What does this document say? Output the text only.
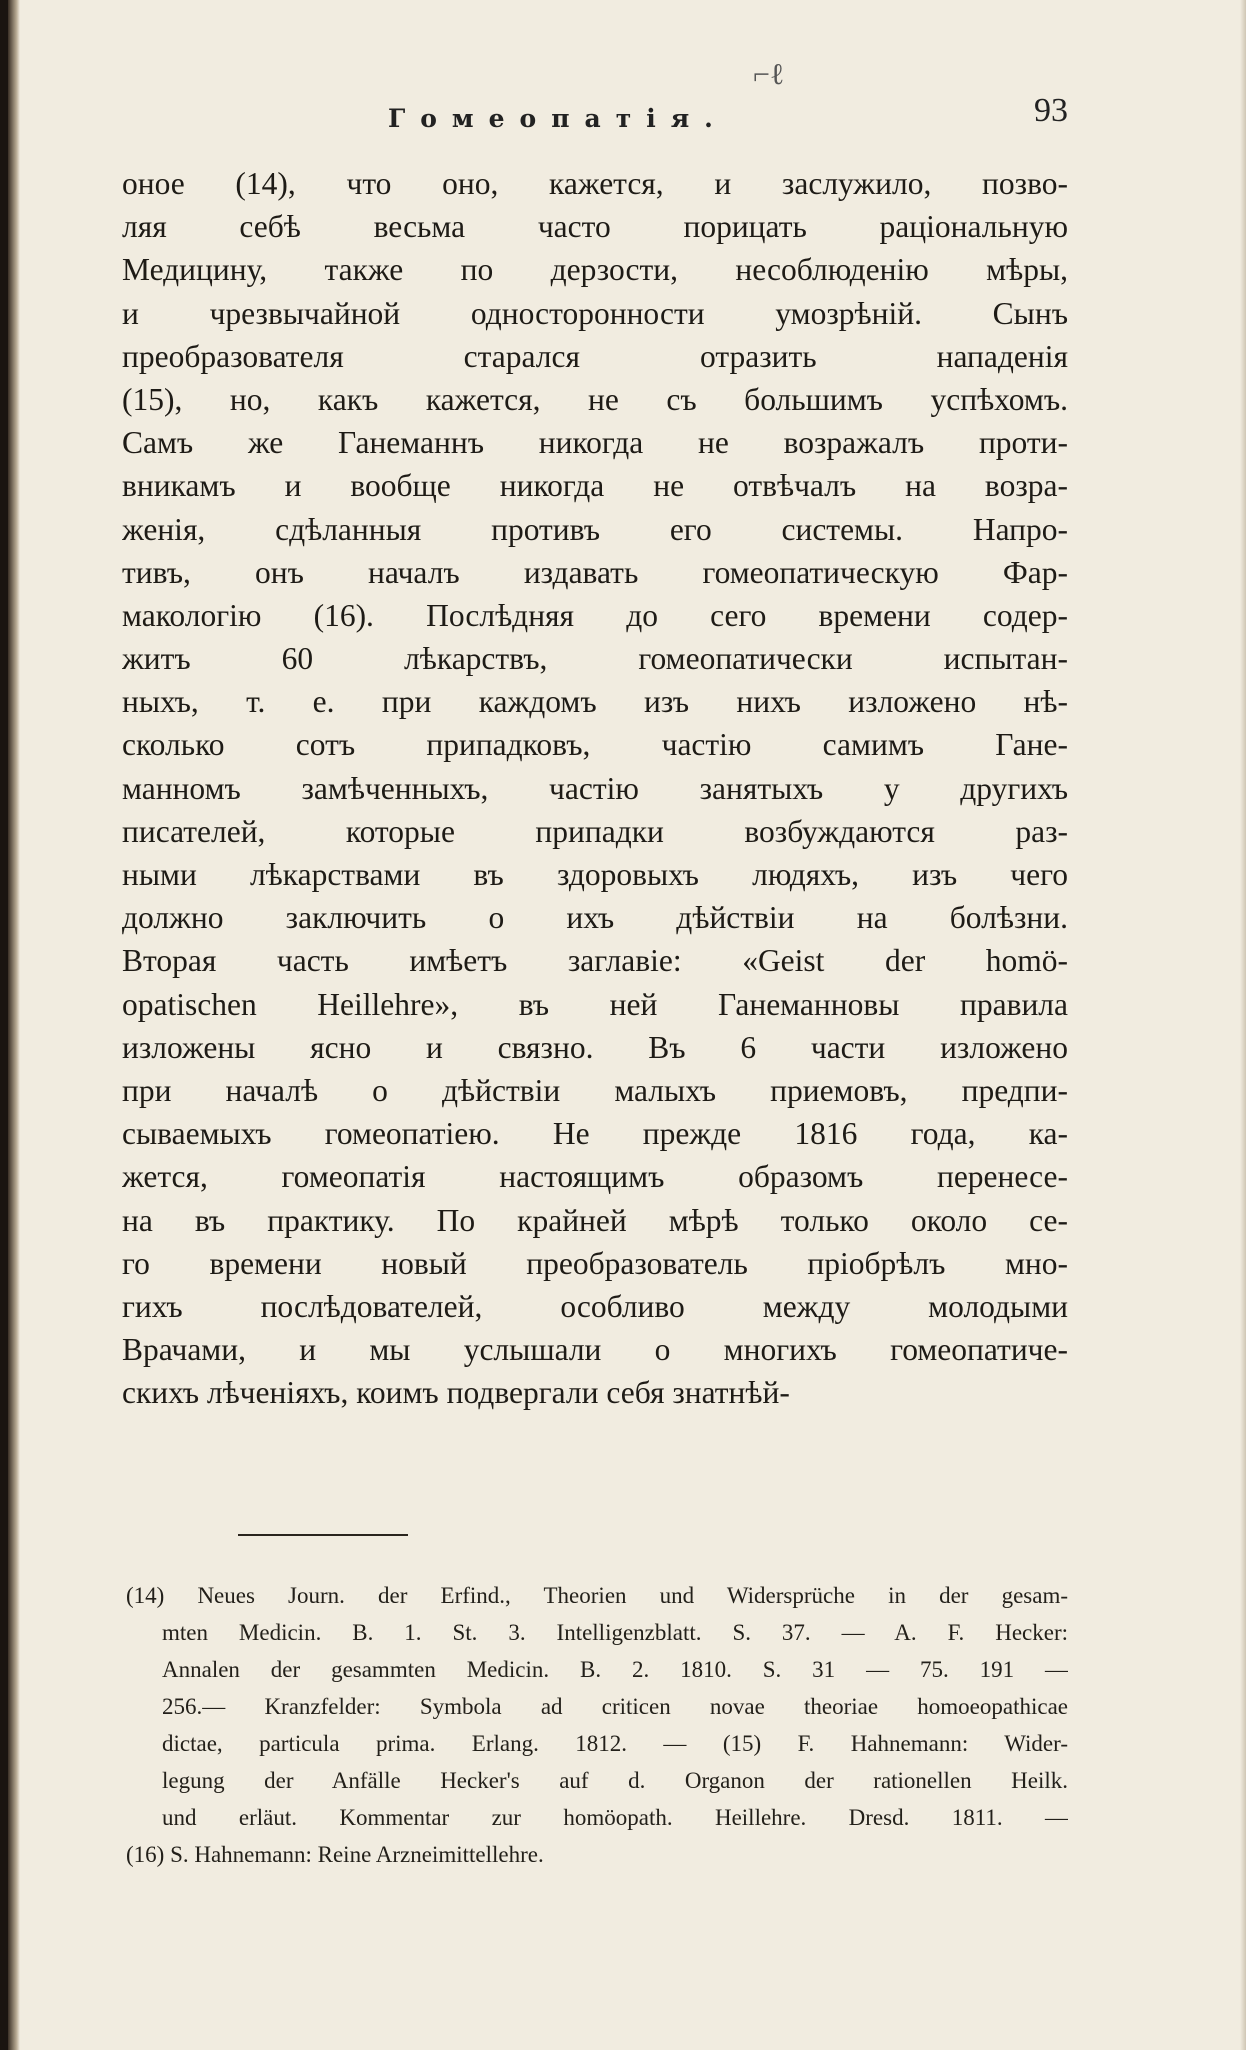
⌐ℓ
Гомеопатія.	93
оное (14), что оно, кажется, и заслужило, позво-
ляя себѣ весьма часто порицать раціональную
Медицину, также по дерзости, несоблюденію мѣры,
и чрезвычайной односторонности умозрѣній. Сынъ
преобразователя старался отразить нападенія
(15), но, какъ кажется, не съ большимъ успѣхомъ.
Самъ же Ганеманнъ никогда не возражалъ проти-
вникамъ и вообще никогда не отвѣчалъ на возра-
женія, сдѣланныя противъ его системы. Напро-
тивъ, онъ началъ издавать гомеопатическую Фар-
макологію (16). Послѣдняя до сего времени содер-
житъ 60 лѣкарствъ, гомеопатически испытан-
ныхъ, т. е. при каждомъ изъ нихъ изложено нѣ-
сколько сотъ припадковъ, частію самимъ Гане-
манномъ замѣченныхъ, частію занятыхъ у другихъ
писателей, которые припадки возбуждаются раз-
ными лѣкарствами въ здоровыхъ людяхъ, изъ чего
должно заключить о ихъ дѣйствіи на болѣзни.
Вторая часть имѣетъ заглавіе: «Geist der homö-
opatischen Heillehre», въ ней Ганеманновы правила
изложены ясно и связно. Въ 6 части изложено
при началѣ о дѣйствіи малыхъ приемовъ, предпи-
сываемыхъ гомеопатіею. Не прежде 1816 года, ка-
жется, гомеопатія настоящимъ образомъ перенесе-
на въ практику. По крайней мѣрѣ только около се-
го времени новый преобразователь пріобрѣлъ мно-
гихъ послѣдователей, особливо между молодыми
Врачами, и мы услышали о многихъ гомеопатиче-
скихъ лѣченіяхъ, коимъ подвергали себя знатнѣй-
(14) Neues Journ. der Erfind., Theorien und Widersprüche in der gesam-
mten Medicin. B. 1. St. 3. Intelligenzblatt. S. 37. — A. F. Hecker:
Annalen der gesammten Medicin. B. 2. 1810. S. 31 — 75. 191 —
256.— Kranzfelder: Symbola ad criticen novae theoriae homoeopathicae
dictae, particula prima. Erlang. 1812. — (15) F. Hahnemann: Wider-
legung der Anfälle Hecker's auf d. Organon der rationellen Heilk.
und erläut. Kommentar zur homöopath. Heillehre. Dresd. 1811. —
(16) S. Hahnemann: Reine Arzneimittellehre.
